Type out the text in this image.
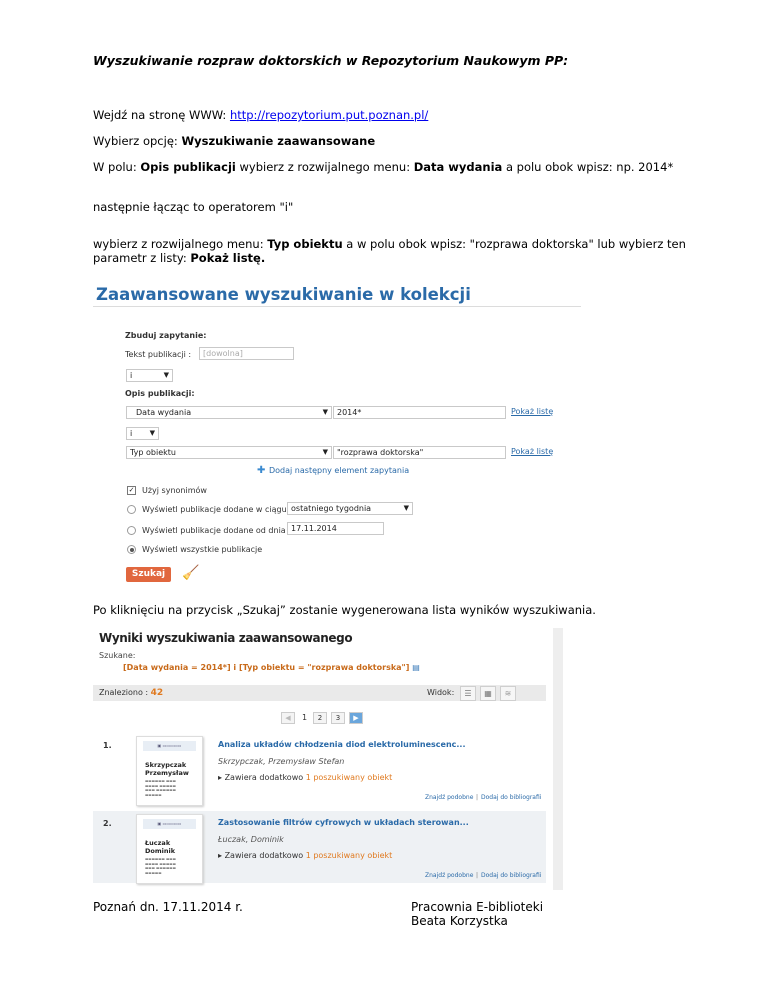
Wyszukiwanie rozpraw doktorskich w Repozytorium Naukowym PP:
Wejdź na stronę WWW: http://repozytorium.put.poznan.pl/
Wybierz opcję: Wyszukiwanie zaawansowane
W polu: Opis publikacji wybierz z rozwijalnego menu: Data wydania a polu obok wpisz: np. 2014*
następnie łącząc to operatorem "i"
wybierz z rozwijalnego menu: Typ obiektu a w polu obok wpisz: "rozprawa doktorska" lub wybierz ten parametr z listy: Pokaż listę.
Zaawansowane wyszukiwanie w kolekcji
Zbuduj zapytanie:
Tekst publikacji :	[dowolna]
i	▼
Opis publikacji:
Data wydania	▼	2014*	Pokaż listę
i ▼
Typ obiektu	▼	"rozprawa doktorska"	Pokaż listę
✚ Dodaj następny element zapytania
✓ Użyj synonimów
Wyświetl publikacje dodane w ciągu ostatniego tygodnia	▼
Wyświetl publikacje dodane od dnia 17.11.2014
Wyświetl wszystkie publikacje
Szukaj	🧹
Po kliknięciu na przycisk „Szukaj” zostanie wygenerowana lista wyników wyszukiwania.
Wyniki wyszukiwania zaawansowanego
Szukane:
[Data wydania = 2014*] i [Typ obiektu = "rozprawa doktorska"] ▤
Znaleziono : 42	Widok:	☰	▦	≋
◀	1	2	3	▶
1.	▣ ▭▭▭▭▭
Skrzypczak
Przemysław
▬▬▬▬▬▬ ▬▬▬
▬▬▬▬ ▬▬▬▬▬
▬▬▬ ▬▬▬▬▬▬
▬▬▬▬▬
Analiza układów chłodzenia diod elektroluminescenc...
Skrzypczak, Przemysław Stefan
▸ Zawiera dodatkowo 1 poszukiwany obiekt
Znajdź podobne | Dodaj do bibliografii
2.	▣ ▭▭▭▭▭
Łuczak
Dominik
▬▬▬▬▬▬ ▬▬▬
▬▬▬▬ ▬▬▬▬▬
▬▬▬ ▬▬▬▬▬▬
▬▬▬▬▬
Zastosowanie filtrów cyfrowych w układach sterowan...
Łuczak, Dominik
▸ Zawiera dodatkowo 1 poszukiwany obiekt
Znajdź podobne | Dodaj do bibliografii
Poznań dn. 17.11.2014 r.	Pracownia E-biblioteki
Beata Korzystka
